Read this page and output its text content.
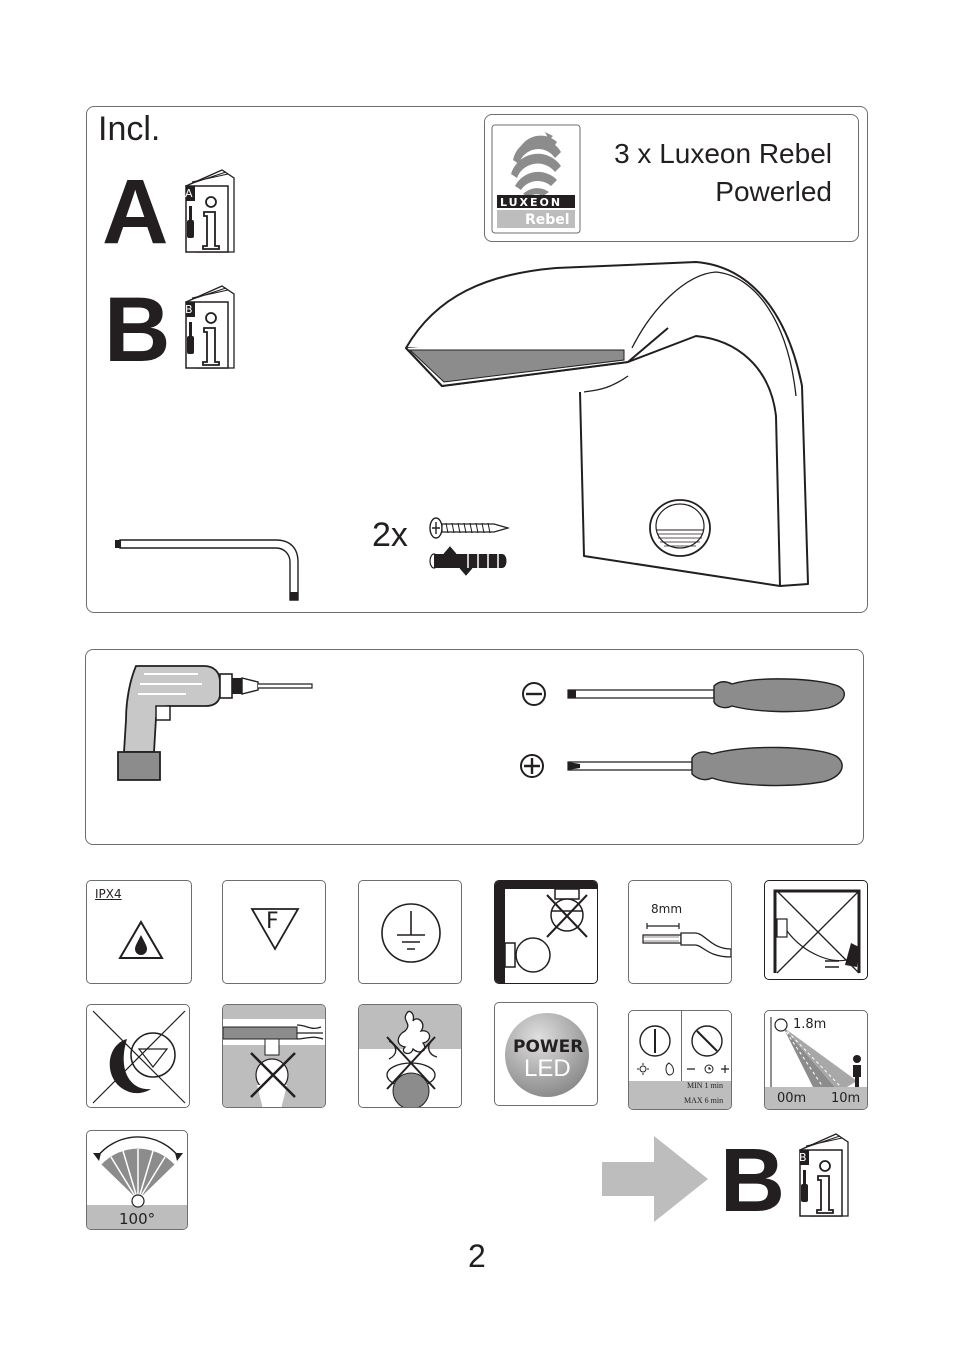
Incl.
A
B
A
B
LUXEON
Rebel
3 x Luxeon Rebel
Powerled
2x
IPX4
F	8mm
POWER
LED
MIN 1 min
MAX 6 min
1.8m
00m 10m
100°	B B
2
